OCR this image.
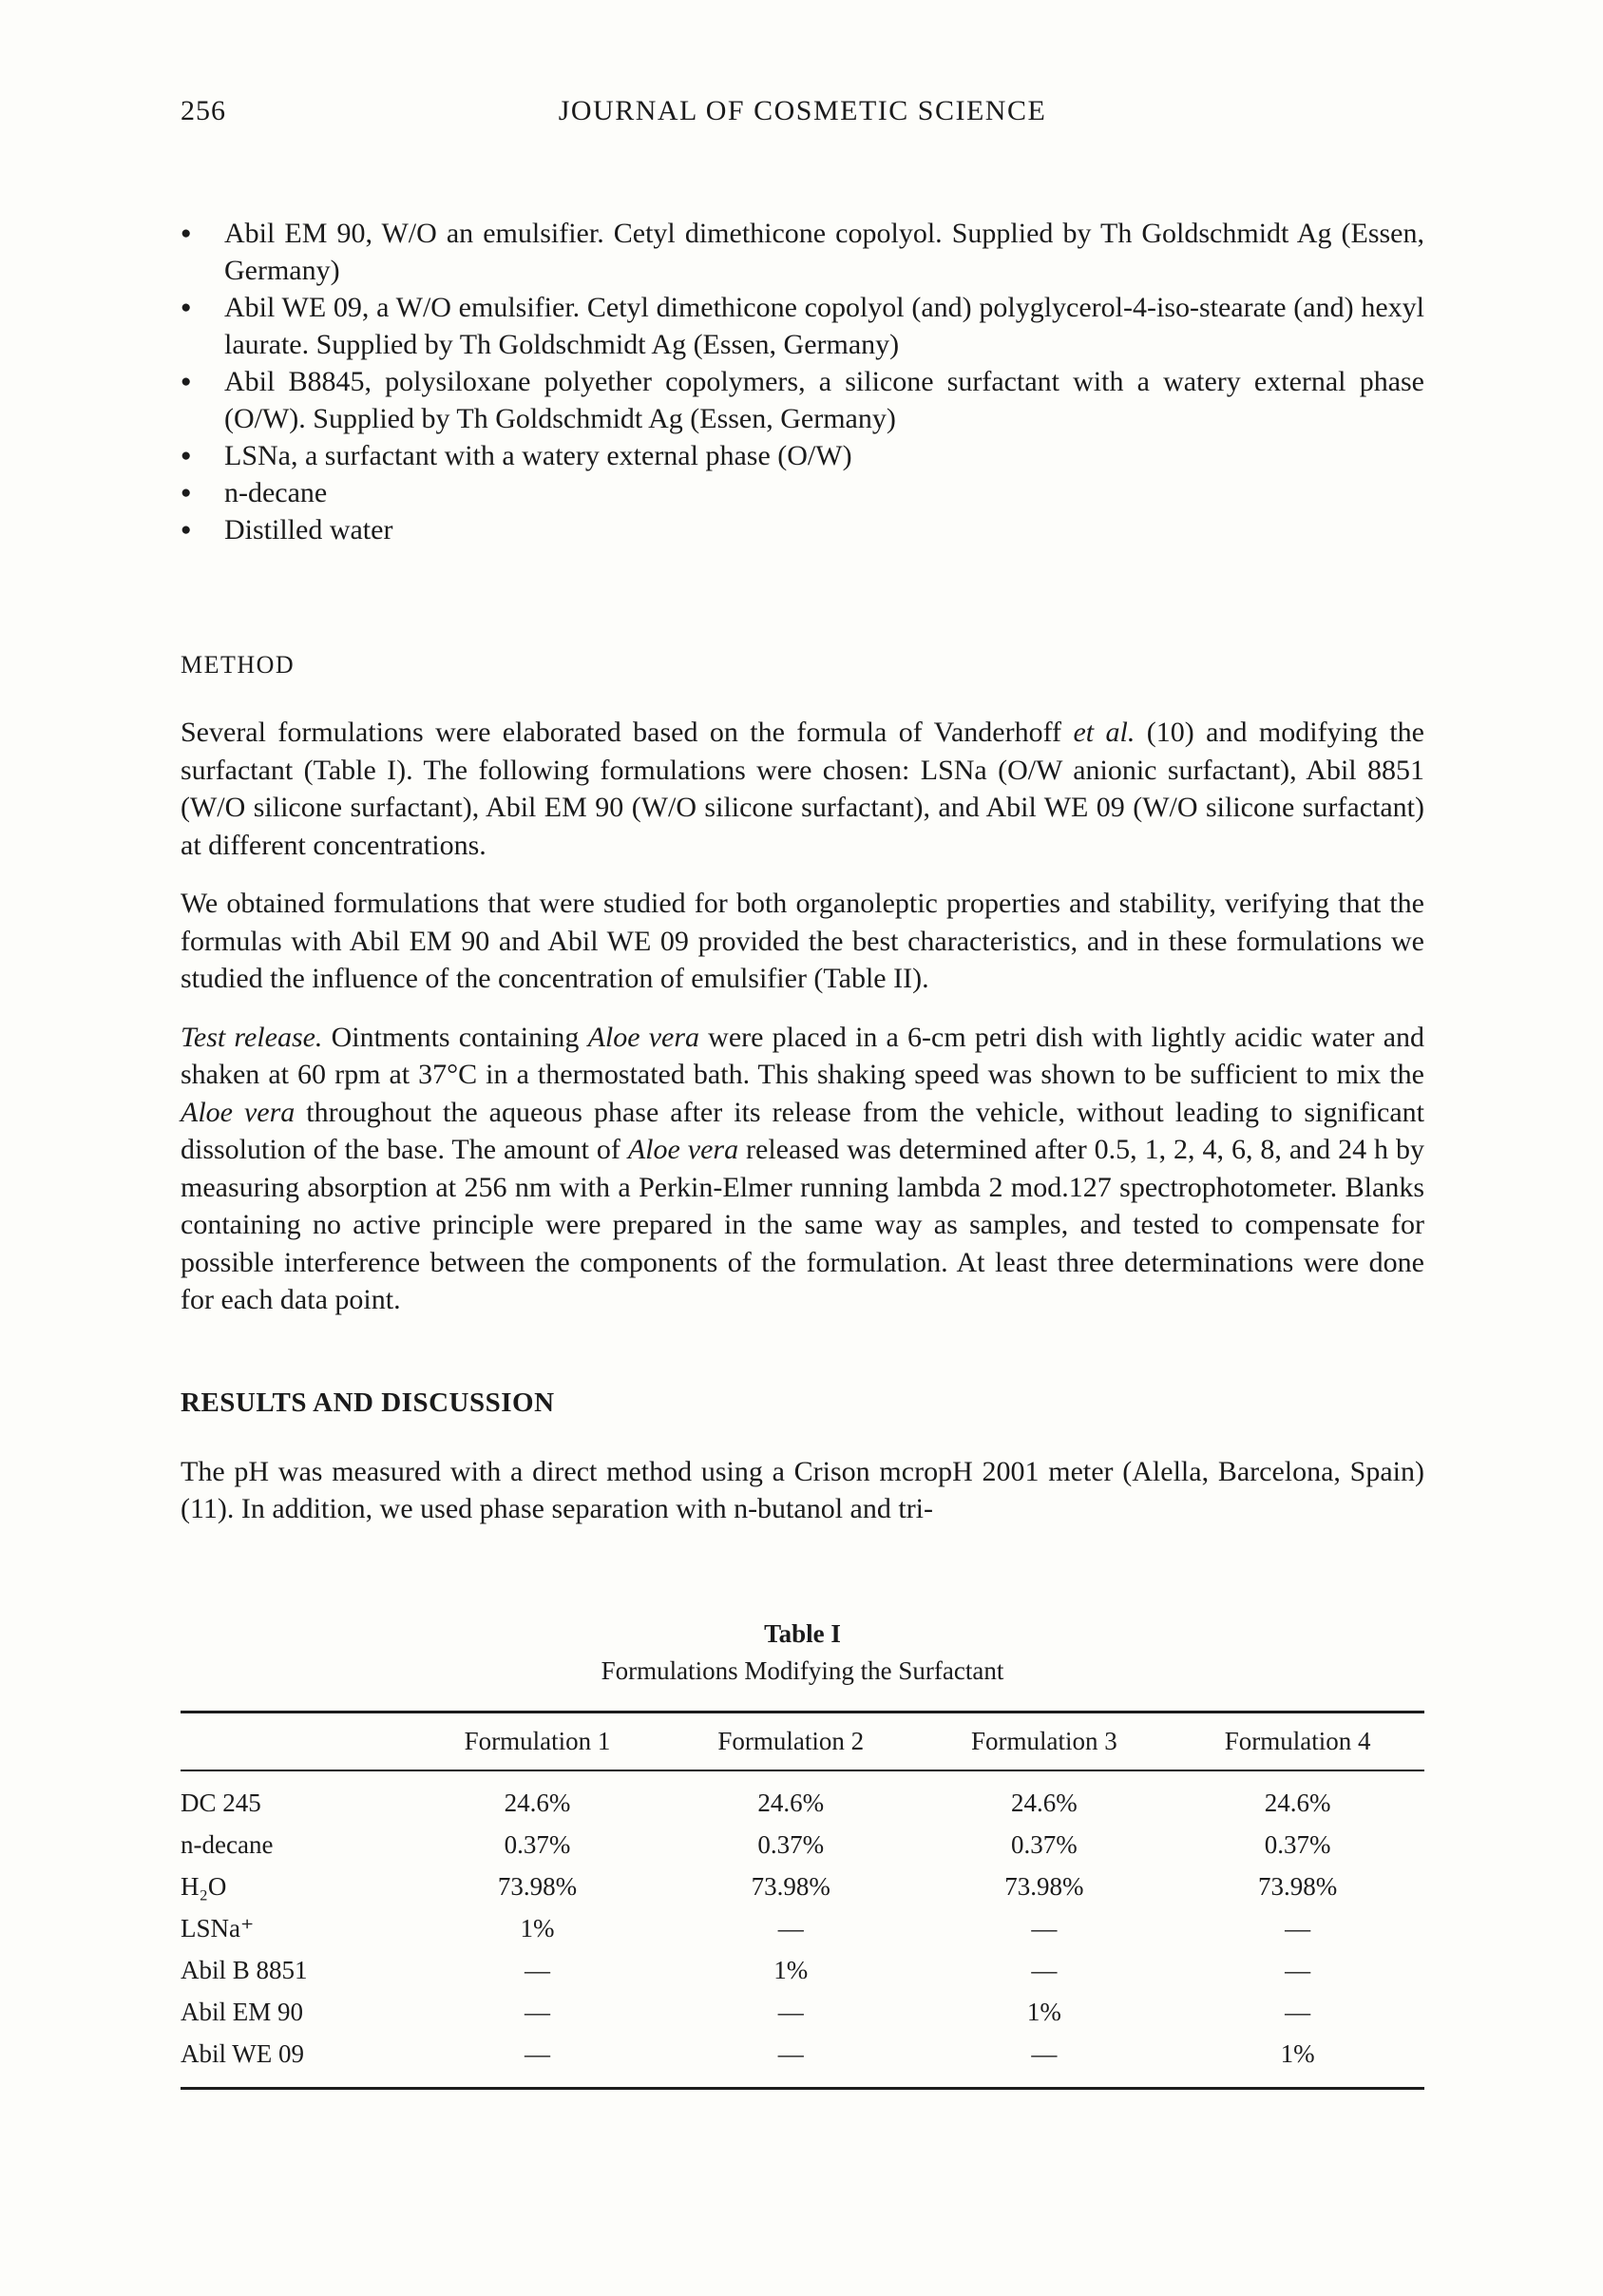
256	JOURNAL OF COSMETIC SCIENCE
●	Abil EM 90, W/O an emulsifier. Cetyl dimethicone copolyol. Supplied by Th Goldschmidt Ag (Essen, Germany)
●	Abil WE 09, a W/O emulsifier. Cetyl dimethicone copolyol (and) polyglycerol-4-iso-stearate (and) hexyl laurate. Supplied by Th Goldschmidt Ag (Essen, Germany)
●	Abil B8845, polysiloxane polyether copolymers, a silicone surfactant with a watery external phase (O/W). Supplied by Th Goldschmidt Ag (Essen, Germany)
●	LSNa, a surfactant with a watery external phase (O/W)
●	n-decane
●	Distilled water
METHOD

Several formulations were elaborated based on the formula of Vanderhoff et al. (10) and modifying the surfactant (Table I). The following formulations were chosen: LSNa (O/W anionic surfactant), Abil 8851 (W/O silicone surfactant), Abil EM 90 (W/O silicone surfactant), and Abil WE 09 (W/O silicone surfactant) at different concentrations.

We obtained formulations that were studied for both organoleptic properties and stability, verifying that the formulas with Abil EM 90 and Abil WE 09 provided the best characteristics, and in these formulations we studied the influence of the concentration of emulsifier (Table II).

Test release. Ointments containing Aloe vera were placed in a 6-cm petri dish with lightly acidic water and shaken at 60 rpm at 37°C in a thermostated bath. This shaking speed was shown to be sufficient to mix the Aloe vera throughout the aqueous phase after its release from the vehicle, without leading to significant dissolution of the base. The amount of Aloe vera released was determined after 0.5, 1, 2, 4, 6, 8, and 24 h by measuring absorption at 256 nm with a Perkin-Elmer running lambda 2 mod.127 spectrophotometer. Blanks containing no active principle were prepared in the same way as samples, and tested to compensate for possible interference between the components of the formulation. At least three determinations were done for each data point.

RESULTS AND DISCUSSION

The pH was measured with a direct method using a Crison mcropH 2001 meter (Alella, Barcelona, Spain) (11). In addition, we used phase separation with n-butanol and tri-

Table I
Formulations Modifying the Surfactant
	Formulation 1	Formulation 2	Formulation 3	Formulation 4
DC 245	24.6%	24.6%	24.6%	24.6%
n-decane	0.37%	0.37%	0.37%	0.37%
H₂O	73.98%	73.98%	73.98%	73.98%
LSNa⁺	1%	—	—	—
Abil B 8851	—	1%	—	—
Abil EM 90	—	—	1%	—
Abil WE 09	—	—	—	1%
